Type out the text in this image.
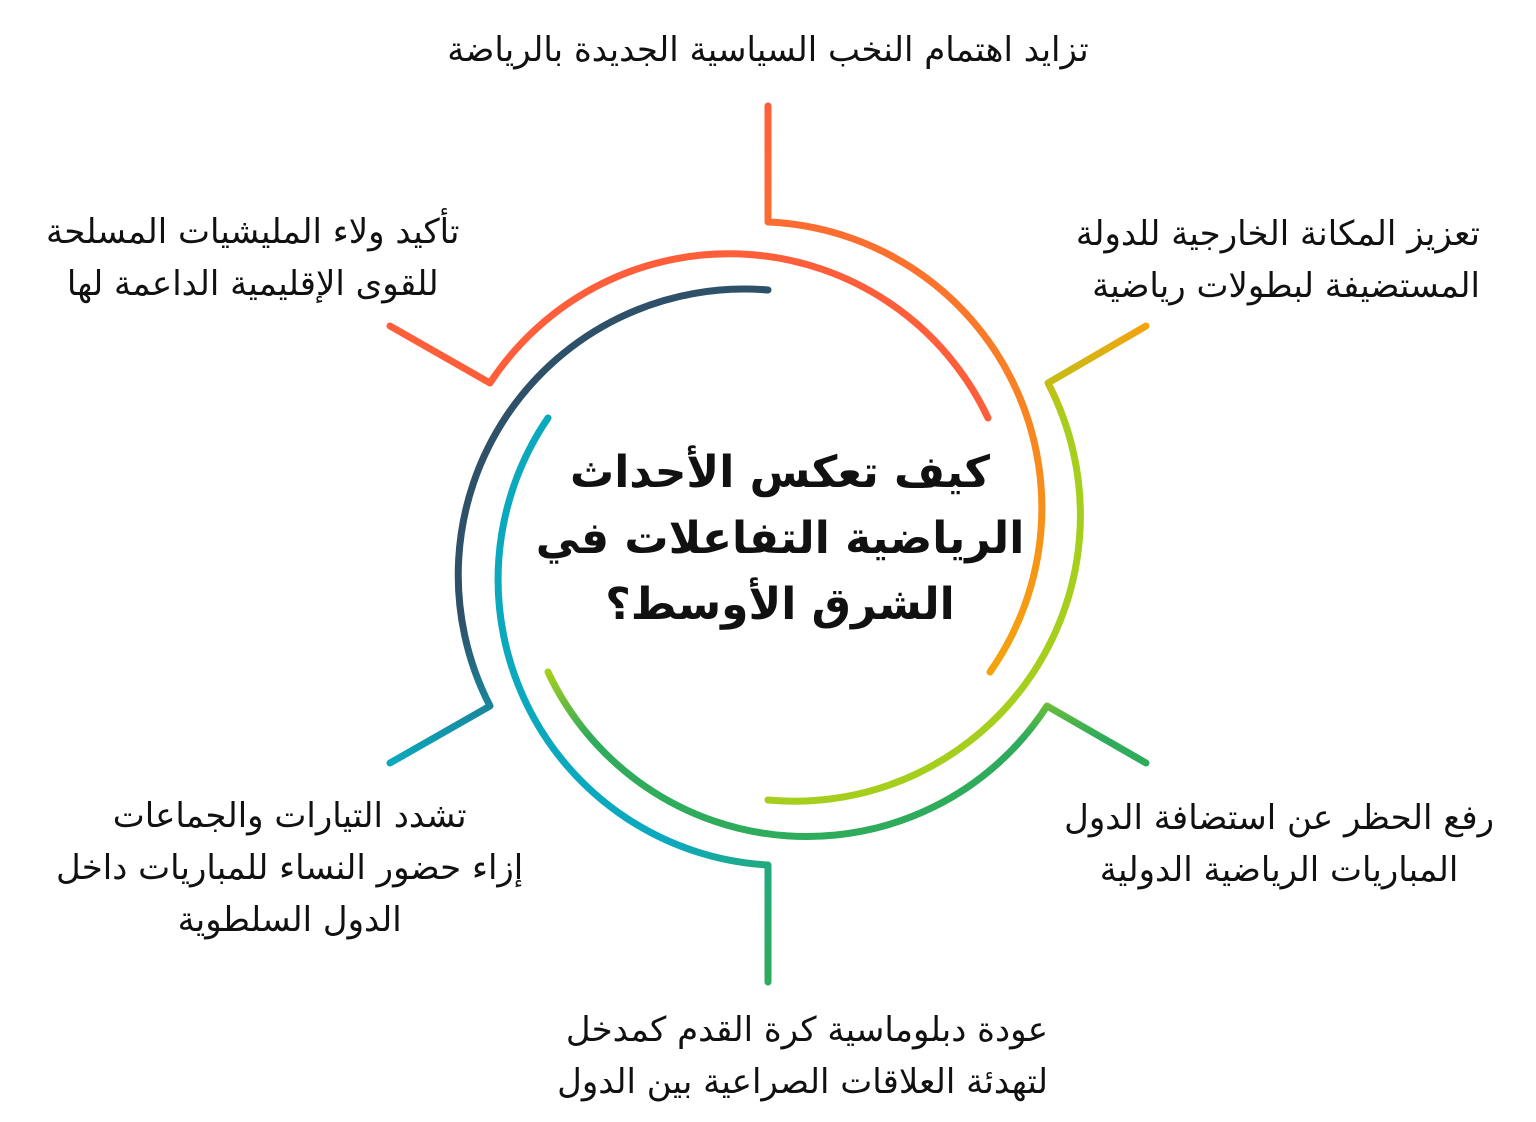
كيف تعكس الأحداث
الرياضية التفاعلات في
الشرق الأوسط؟
تزايد اهتمام النخب السياسية الجديدة بالرياضة
تعزيز المكانة الخارجية للدولة
المستضيفة لبطولات رياضية
رفع الحظر عن استضافة الدول
المباريات الرياضية الدولية
عودة دبلوماسية كرة القدم كمدخل
لتهدئة العلاقات الصراعية بين الدول
تشدد التيارات والجماعات
إزاء حضور النساء للمباريات داخل
الدول السلطوية
تأكيد ولاء المليشيات المسلحة
للقوى الإقليمية الداعمة لها
